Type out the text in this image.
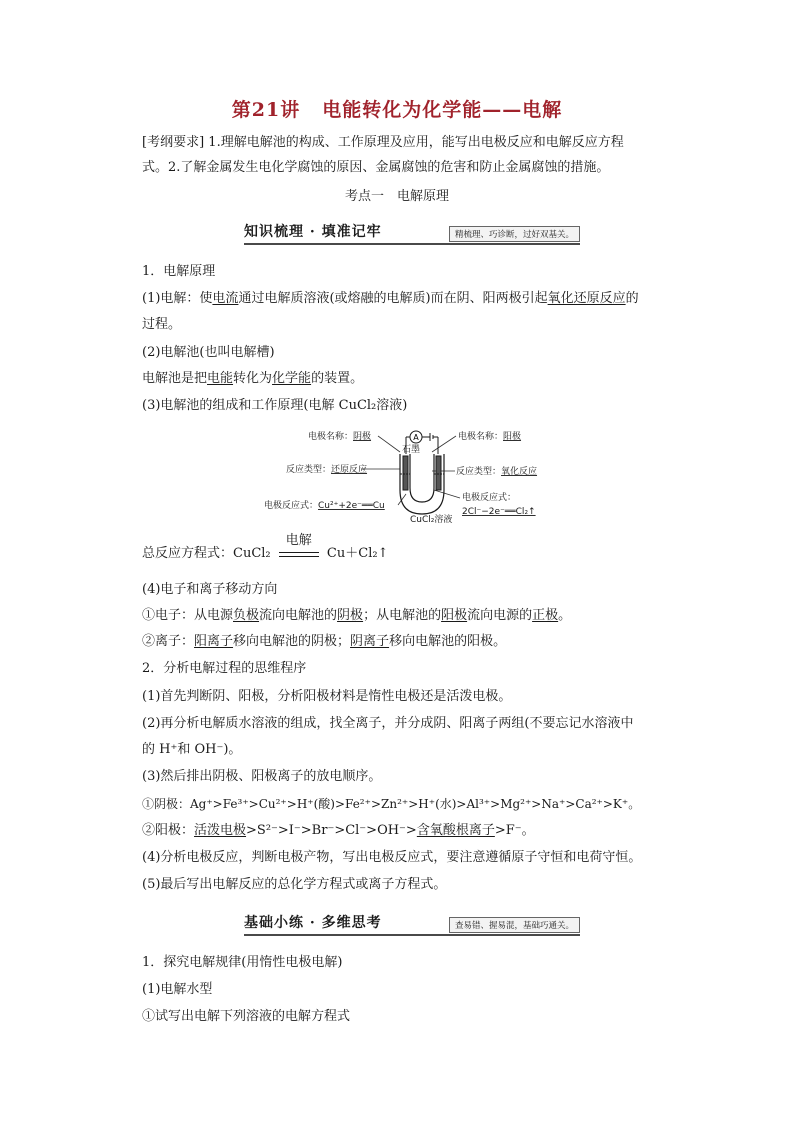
第21讲 电能转化为化学能——电解
[考纲要求] 1.理解电解池的构成、工作原理及应用，能写出电极反应和电解反应方程
式。2.了解金属发生电化学腐蚀的原因、金属腐蚀的危害和防止金属腐蚀的措施。
考点一　电解原理
知识梳理 · 填准记牢	精梳理、巧诊断，过好双基关。
1．电解原理
(1)电解：使电流通过电解质溶液(或熔融的电解质)而在阴、阳两极引起氧化还原反应的
过程。
(2)电解池(也叫电解槽)
电解池是把电能转化为化学能的装置。
(3)电解池的组成和工作原理(电解 CuCl₂溶液)
电极名称：阴极
反应类型：还原反应
电极反应式：Cu²⁺+2e⁻══Cu
电极名称：阳极
反应类型：氧化反应
电极反应式：
2Cl⁻−2e⁻══Cl₂↑
石墨
CuCl₂溶液
A
总反应方程式：CuCl₂
电解
Cu＋Cl₂↑
(4)电子和离子移动方向
①电子：从电源负极流向电解池的阴极；从电解池的阳极流向电源的正极。
②离子：阳离子移向电解池的阴极；阴离子移向电解池的阳极。
2．分析电解过程的思维程序
(1)首先判断阴、阳极，分析阳极材料是惰性电极还是活泼电极。
(2)再分析电解质水溶液的组成，找全离子，并分成阴、阳离子两组(不要忘记水溶液中
的 H⁺和 OH⁻)。
(3)然后排出阴极、阳极离子的放电顺序。
①阴极：Ag⁺>Fe³⁺>Cu²⁺>H⁺(酸)>Fe²⁺>Zn²⁺>H⁺(水)>Al³⁺>Mg²⁺>Na⁺>Ca²⁺>K⁺。
②阳极：活泼电极>S²⁻>I⁻>Br⁻>Cl⁻>OH⁻>含氧酸根离子>F⁻。
(4)分析电极反应，判断电极产物，写出电极反应式，要注意遵循原子守恒和电荷守恒。
(5)最后写出电解反应的总化学方程式或离子方程式。
基础小练 · 多维思考	查易错、握易混，基础巧通关。
1．探究电解规律(用惰性电极电解)
(1)电解水型
①试写出电解下列溶液的电解方程式
